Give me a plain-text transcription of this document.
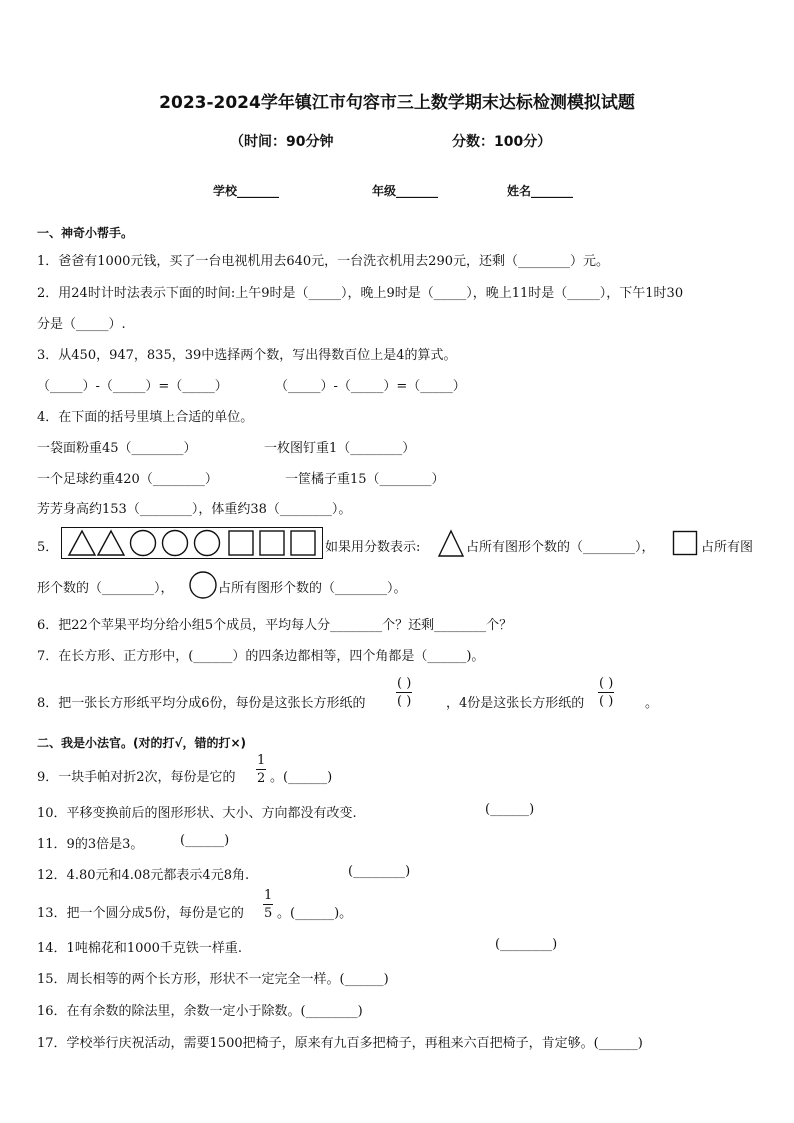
2023-2024学年镇江市句容市三上数学期末达标检测模拟试题
（时间：90分钟	分数：100分）
学校_______	年级_______	姓名_______
一、神奇小帮手。
1．爸爸有1000元钱，买了一台电视机用去640元，一台洗衣机用去290元，还剩（________）元。
2．用24时计时法表示下面的时间:上午9时是（_____），晚上9时是（_____），晚上11时是（_____），下午1时30
分是（_____）.
3．从450，947，835，39中选择两个数，写出得数百位上是4的算式。
（_____）-（_____）=（_____）	（_____）-（_____）=（_____）
4．在下面的括号里填上合适的单位。
一袋面粉重45（________）	一枚图钉重1（________）
一个足球约重420（________）	一筐橘子重15（________）
芳芳身高约153（________），体重约38（________）。
5．	如果用分数表示:	占所有图形个数的（________），	占所有图
形个数的（________），	占所有图形个数的（________）。
6．把22个苹果平均分给小组5个成员，平均每人分________个？还剩________个？
7．在长方形、正方形中，(______）的四条边都相等，四个角都是（______)。
8．把一张长方形纸平均分成6份，每份是这张长方形纸的 $\frac{( )}{( )}$	，4份是这张长方形纸的 $\frac{( )}{( )}$ 。
二、我是小法官。(对的打√，错的打×)
9．一块手帕对折2次，每份是它的 $\frac{1}{2}$ 。(______)
10．平移变换前后的图形形状、大小、方向都没有改变.	(______)
11．9的3倍是3。	(______)
12．4.80元和4.08元都表示4元8角.	(________)
13．把一个圆分成5份，每份是它的 $\frac{1}{5}$ 。(______)。
14．1吨棉花和1000千克铁一样重.	(________)
15．周长相等的两个长方形，形状不一定完全一样。(______)
16．在有余数的除法里，余数一定小于除数。(________)
17．学校举行庆祝活动，需要1500把椅子，原来有九百多把椅子，再租来六百把椅子，肯定够。(______)
